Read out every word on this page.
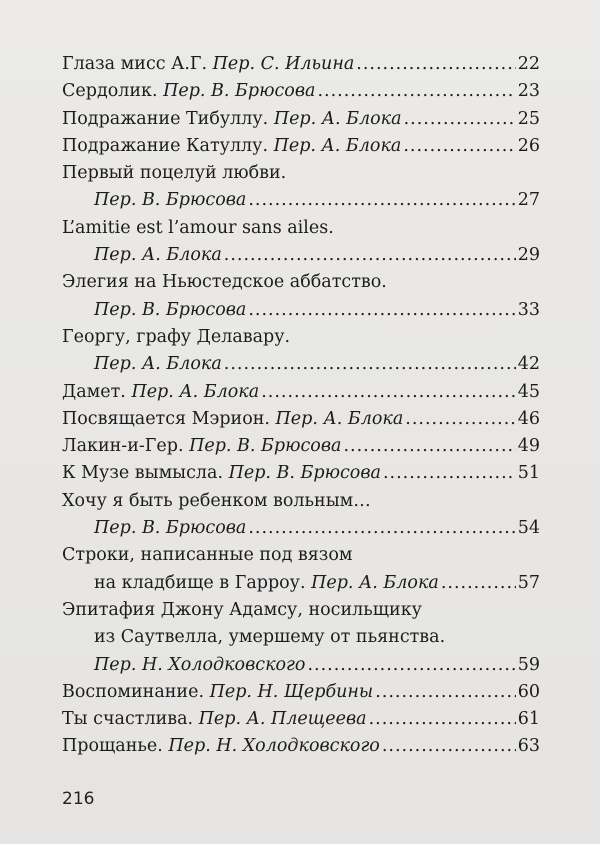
Глаза мисс А.Г. Пер. С. Ильина .....	22
Сердолик. Пер. В. Брюсова .....	23
Подражание Тибуллу. Пер. А. Блока .....	25
Подражание Катуллу. Пер. А. Блока .....	26
Первый поцелуй любви.
Пер. В. Брюсова .....	27
L’amitie est l’amour sans ailes.
Пер. А. Блока .....	29
Элегия на Ньюстедское аббатство.
Пер. В. Брюсова .....	33
Георгу, графу Делавару.
Пер. А. Блока .....	42
Дамет. Пер. А. Блока .....	45
Посвящается Мэрион. Пер. А. Блока .....	46
Лакин-и-Гер. Пер. В. Брюсова .....	49
К Музе вымысла. Пер. В. Брюсова .....	51
Хочу я быть ребенком вольным…
Пер. В. Брюсова .....	54
Строки, написанные под вязом
на кладбище в Гарроу. Пер. А. Блока .....	57
Эпитафия Джону Адамсу, носильщику
из Саутвелла, умершему от пьянства.
Пер. Н. Холодковского .....	59
Воспоминание. Пер. Н. Щербины .....	60
Ты счастлива. Пер. А. Плещеева .....	61
Прощанье. Пер. Н. Холодковского .....	63
216
